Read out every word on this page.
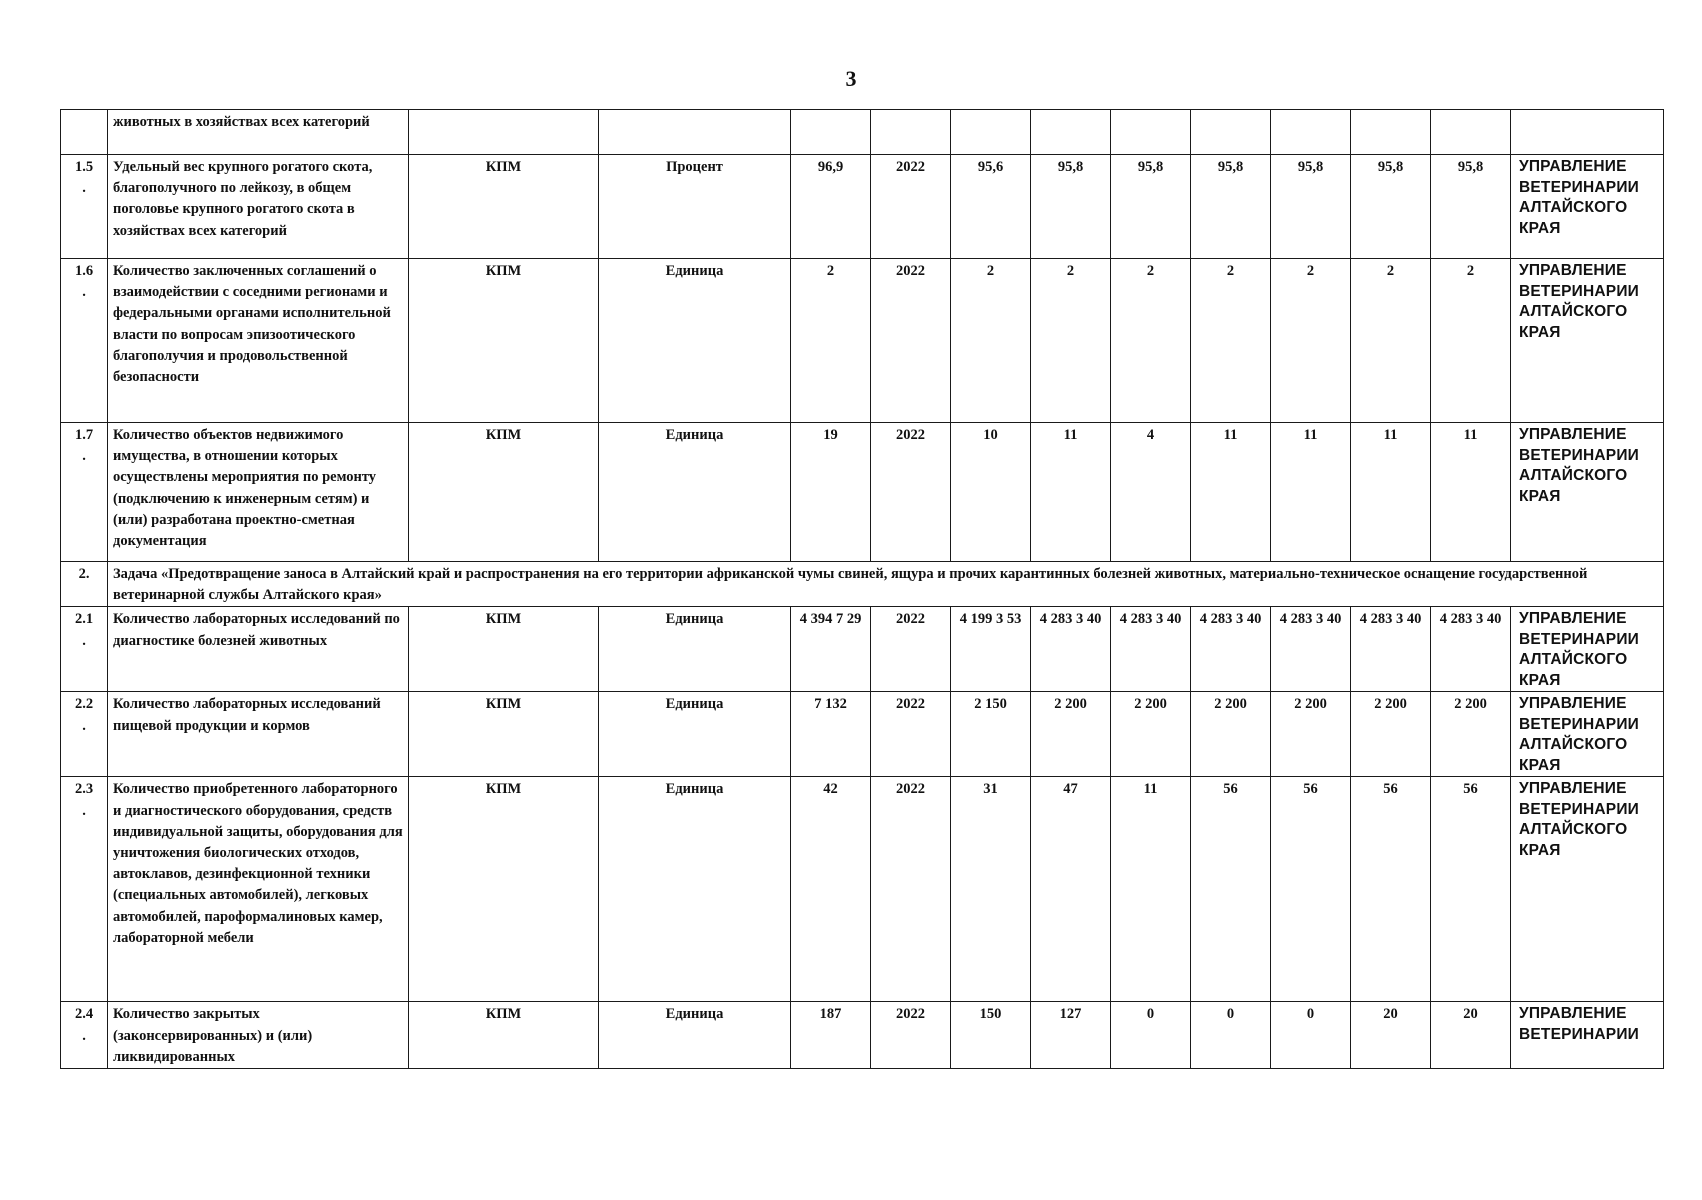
3
	животных в хозяйствах всех категорий												

1.5
.	Удельный вес крупного рогатого скота, благополучного по лейкозу, в общем поголовье крупного рогатого скота в хозяйствах всех категорий	КПМ	Процент	96,9	2022	95,6	95,8	95,8	95,8	95,8	95,8	95,8	УПРАВЛЕНИЕ ВЕТЕРИНАРИИ АЛТАЙСКОГО КРАЯ

1.6
.	Количество заключенных соглашений о взаимодействии с соседними регионами и федеральными органами исполнительной власти по вопросам эпизоотического благополучия и продовольственной безопасности	КПМ	Единица	2	2022	2	2	2	2	2	2	2	УПРАВЛЕНИЕ ВЕТЕРИНАРИИ АЛТАЙСКОГО КРАЯ

1.7
.	Количество объектов недвижимого имущества, в отношении которых осуществлены мероприятия по ремонту (подключению к инженерным сетям) и (или) разработана проектно-сметная документация	КПМ	Единица	19	2022	10	11	4	11	11	11	11	УПРАВЛЕНИЕ ВЕТЕРИНАРИИ АЛТАЙСКОГО КРАЯ
2.	Задача «Предотвращение заноса в Алтайский край и распространения на его территории африканской чумы свиней, ящура и прочих карантинных болезней животных, материально-техническое оснащение государственной ветеринарной службы Алтайского края»												

2.1
.	Количество лабораторных исследований по диагностике болезней животных	КПМ	Единица	4 394 7 29	2022	4 199 3 53	4 283 3 40	4 283 3 40	4 283 3 40	4 283 3 40	4 283 3 40	4 283 3 40	УПРАВЛЕНИЕ ВЕТЕРИНАРИИ АЛТАЙСКОГО КРАЯ

2.2
.	Количество лабораторных исследований пищевой продукции и кормов	КПМ	Единица	7 132	2022	2 150	2 200	2 200	2 200	2 200	2 200	2 200	УПРАВЛЕНИЕ ВЕТЕРИНАРИИ АЛТАЙСКОГО КРАЯ

2.3
.	Количество приобретенного лабораторного и диагностического оборудования, средств индивидуальной защиты, оборудования для уничтожения биологических отходов, автоклавов, дезинфекционной техники (специальных автомобилей), легковых автомобилей, пароформалиновых камер, лабораторной мебели	КПМ	Единица	42	2022	31	47	11	56	56	56	56	УПРАВЛЕНИЕ ВЕТЕРИНАРИИ АЛТАЙСКОГО КРАЯ

2.4
.	Количество закрытых (законсервированных) и (или) ликвидированных	КПМ	Единица	187	2022	150	127	0	0	0	20	20	УПРАВЛЕНИЕ ВЕТЕРИНАРИИ
